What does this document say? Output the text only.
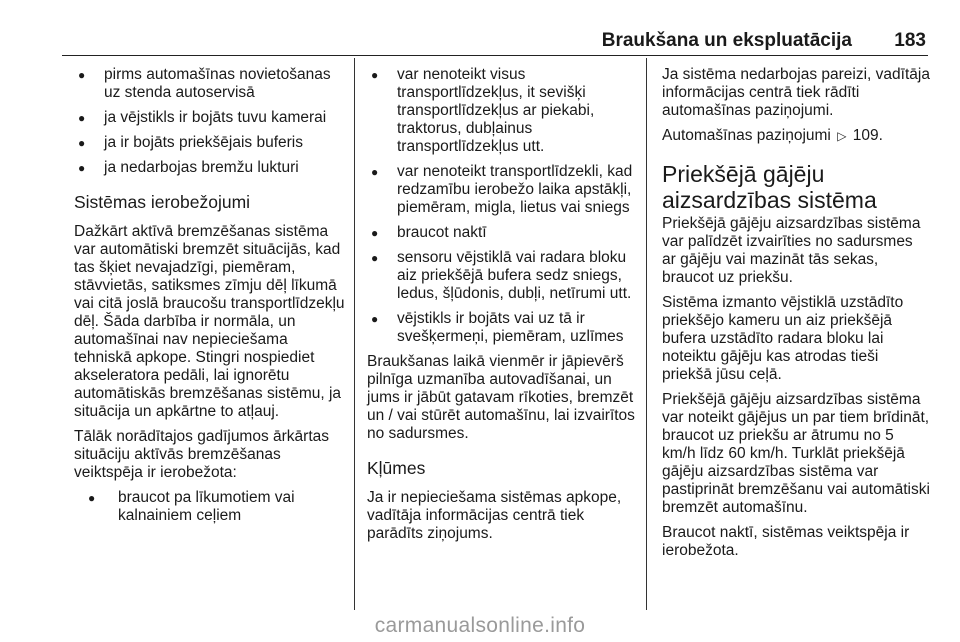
Braukšana un ekspluatācija 183
● pirms automašīnas novietošanas uz stenda autoservisā
● ja vējstikls ir bojāts tuvu kamerai
● ja ir bojāts priekšējais buferis
● ja nedarbojas bremžu lukturi
Sistēmas ierobežojumi

Dažkārt aktīvā bremzēšanas sistēma var automātiski bremzēt situācijās, kad tas šķiet nevajadzīgi, piemēram, stāvvietās, satiksmes zīmju dēļ līkumā vai citā joslā braucošu transportlīdzekļu dēļ. Šāda darbība ir normāla, un automašīnai nav nepieciešama tehniskā apkope. Stingri nospiediet akseleratora pedāli, lai ignorētu automātiskās bremzēšanas sistēmu, ja situācija un apkārtne to atļauj.

Tālāk norādītajos gadījumos ārkārtas situāciju aktīvās bremzēšanas veiktspēja ir ierobežota:

● braucot pa līkumotiem vai kalnainiem ceļiem
● var nenoteikt visus transportlīdzekļus, it sevišķi transportlīdzekļus ar piekabi, traktorus, dubļainus transportlīdzekļus utt.
● var nenoteikt transportlīdzekli, kad redzamību ierobežo laika apstākļi, piemēram, migla, lietus vai sniegs
● braucot naktī
● sensoru vējstiklā vai radara bloku aiz priekšējā bufera sedz sniegs, ledus, šļūdonis, dubļi, netīrumi utt.
● vējstikls ir bojāts vai uz tā ir svešķermeņi, piemēram, uzlīmes

Braukšanas laikā vienmēr ir jāpievērš pilnīga uzmanība autovadīšanai, un jums ir jābūt gatavam rīkoties, bremzēt un / vai stūrēt automašīnu, lai izvairītos no sadursmes.

Kļūmes

Ja ir nepieciešama sistēmas apkope, vadītāja informācijas centrā tiek parādīts ziņojums.

Ja sistēma nedarbojas pareizi, vadītāja informācijas centrā tiek rādīti automašīnas paziņojumi.

Automašīnas paziņojumi ▷ 109.

Priekšējā gājēju aizsardzības sistēma

Priekšējā gājēju aizsardzības sistēma var palīdzēt izvairīties no sadursmes ar gājēju vai mazināt tās sekas, braucot uz priekšu.

Sistēma izmanto vējstiklā uzstādīto priekšējo kameru un aiz priekšējā bufera uzstādīto radara bloku lai noteiktu gājēju kas atrodas tieši priekšā jūsu ceļā.

Priekšējā gājēju aizsardzības sistēma var noteikt gājējus un par tiem brīdināt, braucot uz priekšu ar ātrumu no 5 km/h līdz 60 km/h. Turklāt priekšējā gājēju aizsardzības sistēma var pastiprināt bremzēšanu vai automātiski bremzēt automašīnu.

Braucot naktī, sistēmas veiktspēja ir ierobežota.

carmanualsonline.info
